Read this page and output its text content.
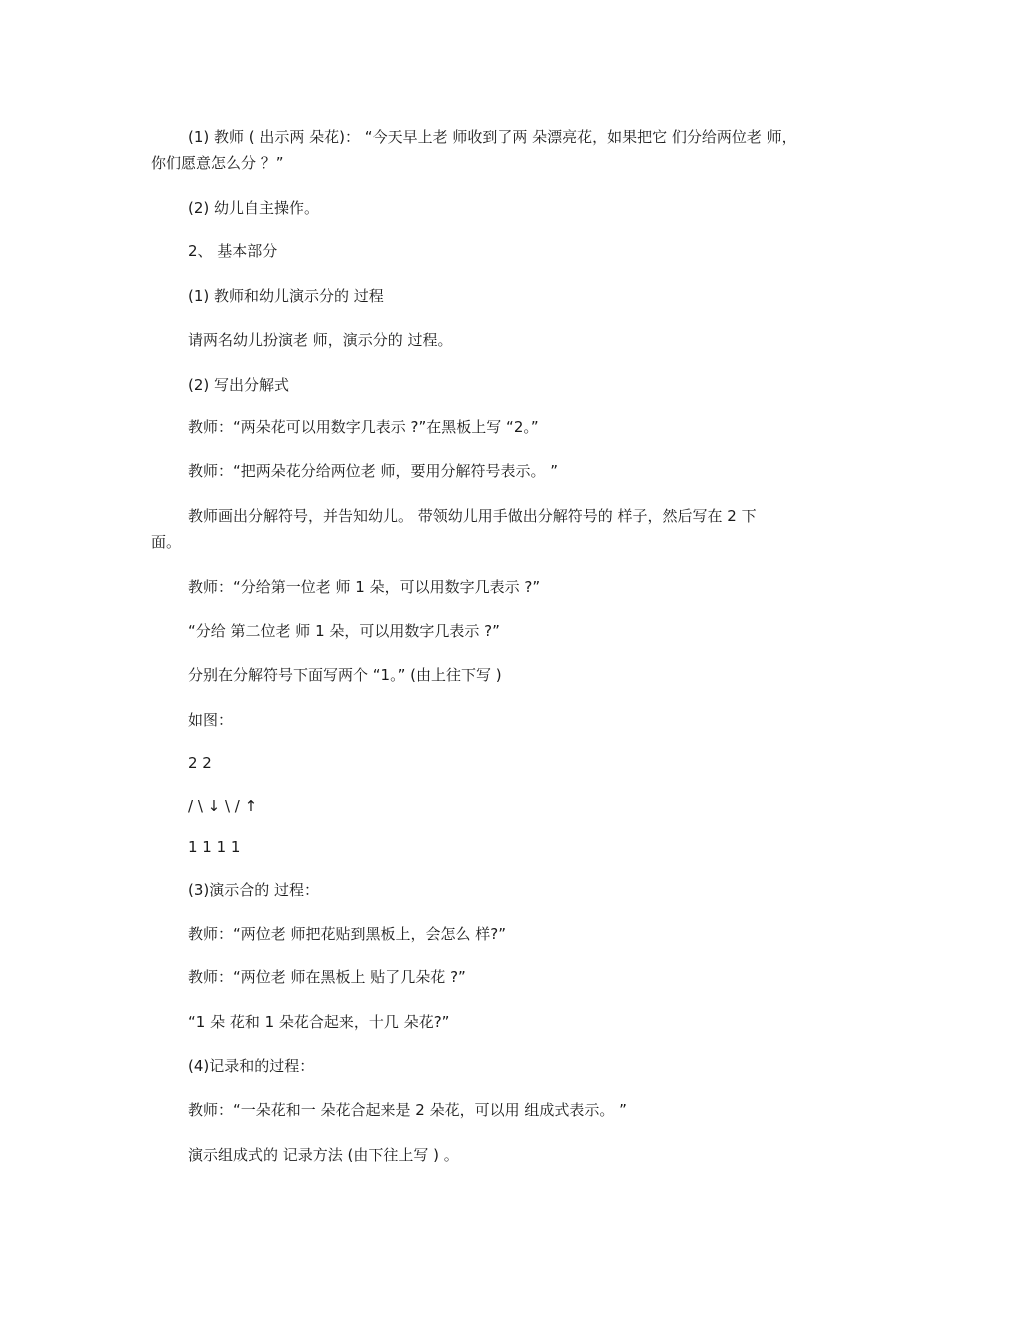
(1) 教师 ( 出示两 朵花)： “今天早上老 师收到了两 朵漂亮花，如果把它 们分给两位老 师，

你们愿意怎么分 ？”

(2) 幼儿自主操作。

2、 基本部分

(1) 教师和幼儿演示分的 过程

请两名幼儿扮演老 师，演示分的 过程。

(2) 写出分解式

教师：“两朵花可以用数字几表示 ?”在黑板上写 “2。”

教师：“把两朵花分给两位老 师，要用分解符号表示。 ”

教师画出分解符号，并告知幼儿。 带领幼儿用手做出分解符号的 样子，然后写在 2 下

面。

教师：“分给第一位老 师 1 朵，可以用数字几表示 ?”

“分给 第二位老 师 1 朵，可以用数字几表示 ?”

分别在分解符号下面写两个 “1。” (由上往下写 )

如图：

2 2

/ \ ↓ \ / ↑

1 1 1 1

(3)演示合的 过程：

教师：“两位老 师把花贴到黑板上，会怎么 样?”

教师：“两位老 师在黑板上 贴了几朵花 ?”

“1 朵 花和 1 朵花合起来，十几 朵花?”

(4)记录和的过程：

教师：“一朵花和一 朵花合起来是 2 朵花，可以用 组成式表示。 ”

演示组成式的 记录方法 (由下往上写 ) 。
